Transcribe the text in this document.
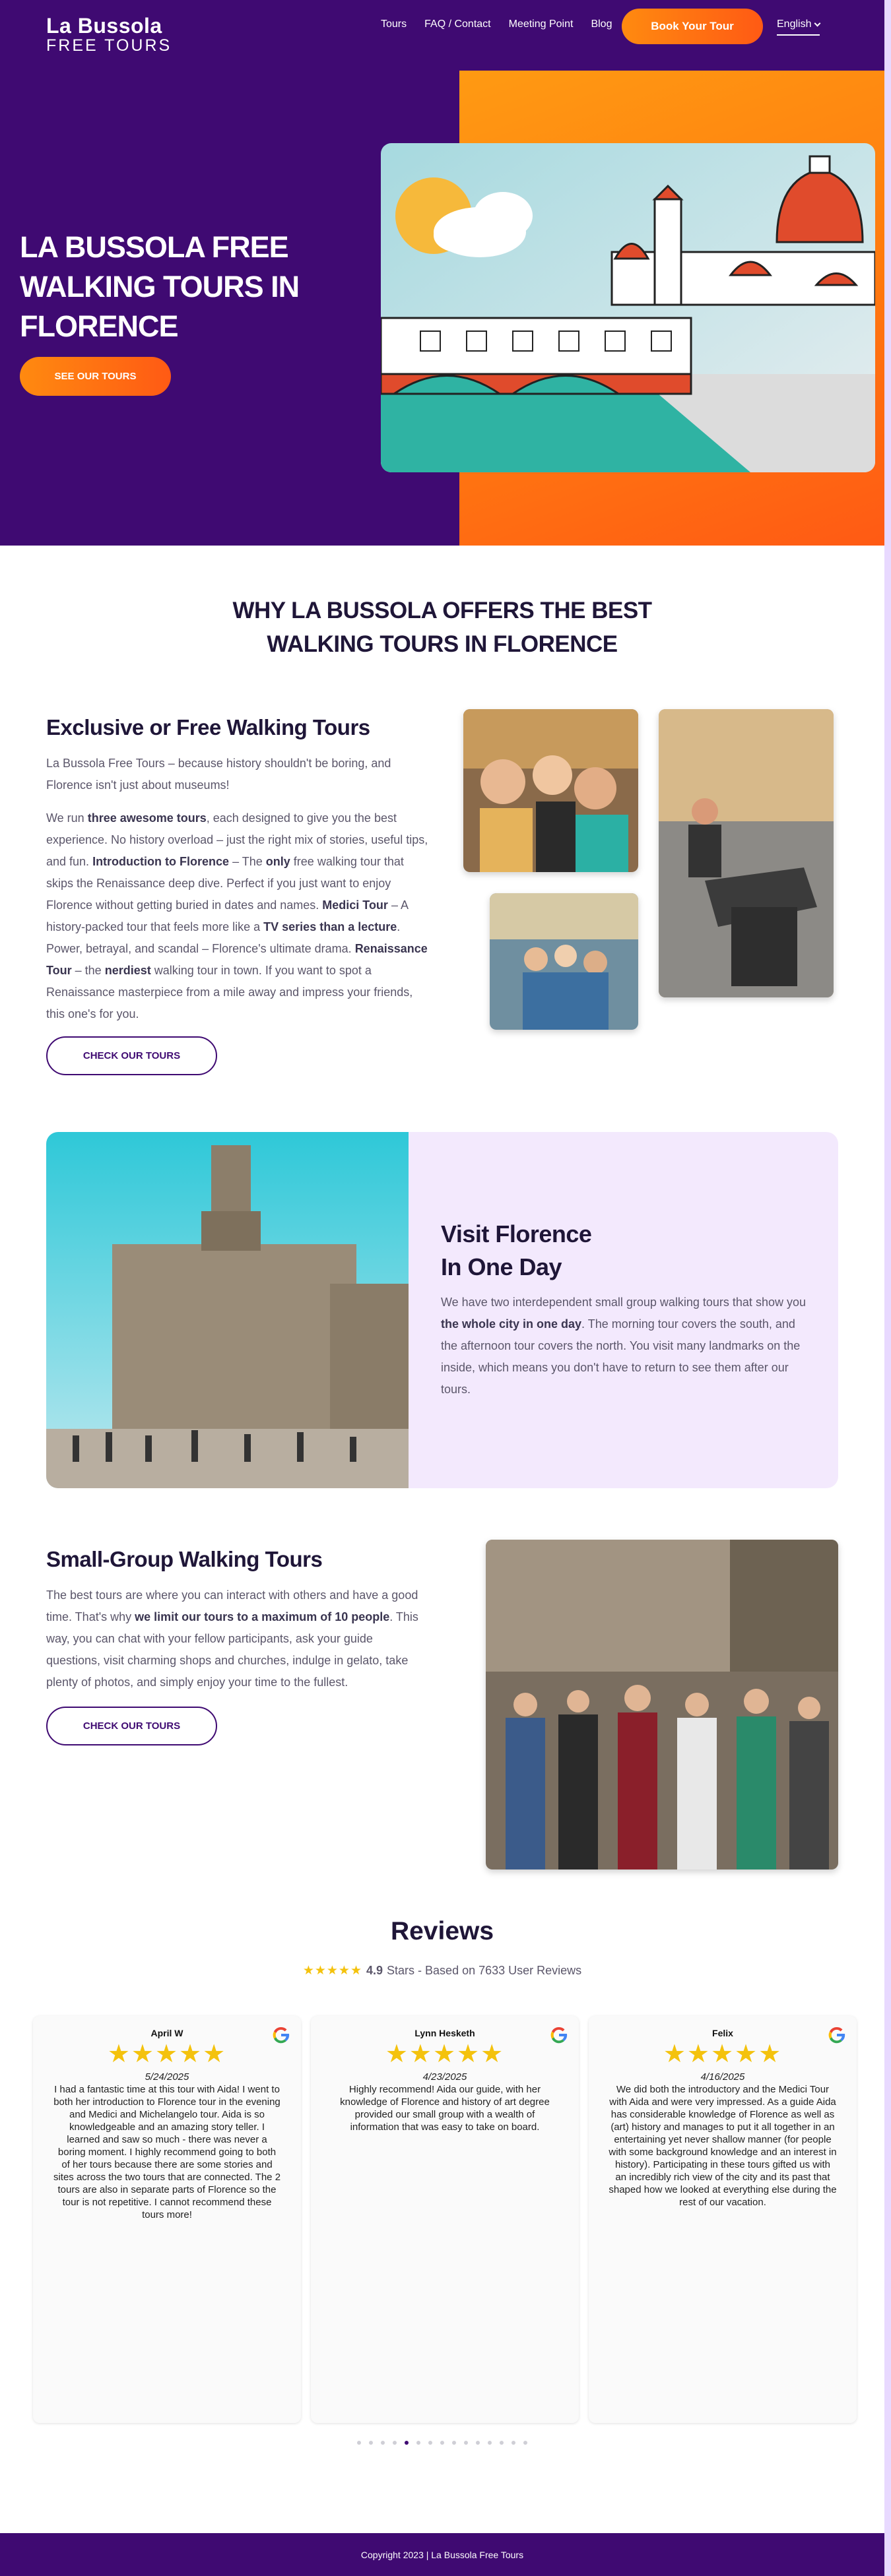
La Bussola
FREE TOURS
Tours FAQ / Contact Meeting Point Blog	Book Your Tour	English
LA BUSSOLA FREE WALKING TOURS IN FLORENCE
SEE OUR TOURS
WHY LA BUSSOLA OFFERS THE BEST
WALKING TOURS IN FLORENCE
Exclusive or Free Walking Tours

La Bussola Free Tours – because history shouldn't be boring, and Florence isn't just about museums!

We run three awesome tours, each designed to give you the best experience. No history overload – just the right mix of stories, useful tips, and fun. Introduction to Florence – The only free walking tour that skips the Renaissance deep dive. Perfect if you just want to enjoy Florence without getting buried in dates and names. Medici Tour – A history-packed tour that feels more like a TV series than a lecture. Power, betrayal, and scandal – Florence's ultimate drama. Renaissance Tour – the nerdiest walking tour in town. If you want to spot a Renaissance masterpiece from a mile away and impress your friends, this one's for you.

CHECK OUR TOURS
Visit Florence
In One Day

We have two interdependent small group walking tours that show you the whole city in one day. The morning tour covers the south, and the afternoon tour covers the north. You visit many landmarks on the inside, which means you don't have to return to see them after our tours.

Small-Group Walking Tours

The best tours are where you can interact with others and have a good time. That's why we limit our tours to a maximum of 10 people. This way, you can chat with your fellow participants, ask your guide questions, visit charming shops and churches, indulge in gelato, take plenty of photos, and simply enjoy your time to the fullest.

CHECK OUR TOURS
Reviews
★★★★★ 4.9 Stars - Based on 7633 User Reviews
April W
★★★★★
5/24/2025
I had a fantastic time at this tour with Aida! I went to both her introduction to Florence tour in the evening and Medici and Michelangelo tour. Aida is so knowledgeable and an amazing story teller. I learned and saw so much - there was never a boring moment. I highly recommend going to both of her tours because there are some stories and sites across the two tours that are connected. The 2 tours are also in separate parts of Florence so the tour is not repetitive. I cannot recommend these tours more!
Lynn Hesketh
★★★★★
4/23/2025
Highly recommend! Aida our guide, with her knowledge of Florence and history of art degree provided our small group with a wealth of information that was easy to take on board.
Felix
★★★★★
4/16/2025
We did both the introductory and the Medici Tour with Aida and were very impressed. As a guide Aida has considerable knowledge of Florence as well as (art) history and manages to put it all together in an entertaining yet never shallow manner (for people with some background knowledge and an interest in history). Participating in these tours gifted us with an incredibly rich view of the city and its past that shaped how we looked at everything else during the rest of our vacation.
Copyright 2023 | La Bussola Free Tours
